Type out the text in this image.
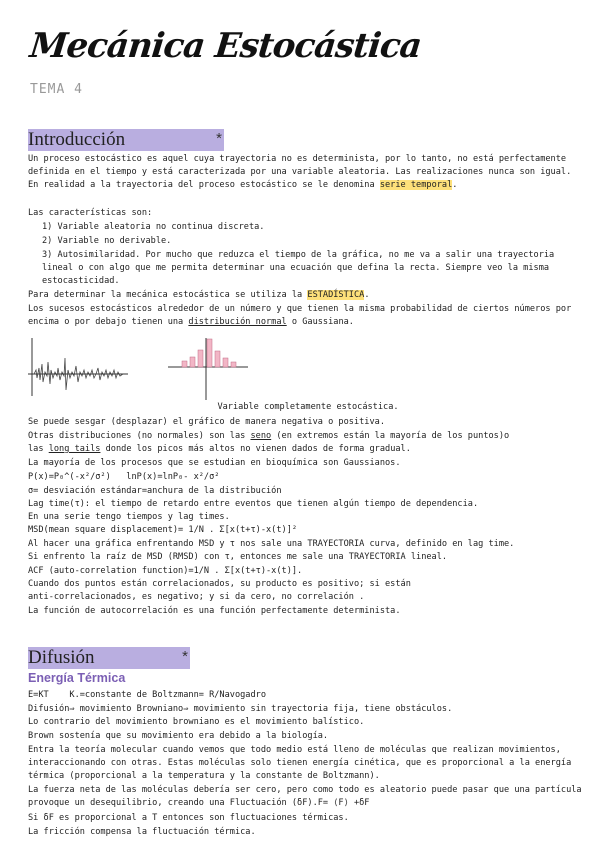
Mecánica Estocástica
TEMA 4
Introducción	*
Un proceso estocástico es aquel cuya trayectoria no es determinista, por lo tanto, no está perfectamente definida en el tiempo y está caracterizada por una variable aleatoria. Las realizaciones nunca son igual. En realidad a la trayectoria del proceso estocástico se le denomina serie temporal.
Las características son:
1) Variable aleatoria no continua discreta.
2) Variable no derivable.
3) Autosimilaridad. Por mucho que reduzca el tiempo de la gráfica, no me va a salir una trayectoria lineal o con algo que me permita determinar una ecuación que defina la recta. Siempre veo la misma estocasticidad.
Para determinar la mecánica estocástica se utiliza la ESTADÍSTICA.
Los sucesos estocásticos alrededor de un número y que tienen la misma probabilidad de ciertos números por encima o por debajo tienen una distribución normal o Gaussiana.
Variable completamente estocástica.
Se puede sesgar (desplazar) el gráfico de manera negativa o positiva.
Otras distribuciones (no normales) son las seno (en extremos están la mayoría de los puntos)o
las long tails donde los picos más altos no vienen dados de forma gradual.
La mayoría de los procesos que se estudian en bioquímica son Gaussianos.
P(x)=P₀^(-x²/σ²)   lnP(x)=lnP₀- x²/σ²
σ= desviación estándar=anchura de la distribución
Lag time(τ): el tiempo de retardo entre eventos que tienen algún tiempo de dependencia.
En una serie tengo tiempos y lag times.
MSD(mean square displacement)= 1/N . Σ[x(t+τ)-x(t)]²
Al hacer una gráfica enfrentando MSD y τ nos sale una TRAYECTORIA curva, definido en lag time.
Si enfrento la raíz de MSD (RMSD) con τ, entonces me sale una TRAYECTORIA lineal.
ACF (auto-correlation function)=1/N . Σ[x(t+τ)-x(t)].
Cuando dos puntos están correlacionados, su producto es positivo; si están
anti-correlacionados, es negativo; y si da cero, no correlación .
La función de autocorrelación es una función perfectamente determinista.
Difusión	*
Energía Térmica
E=KT    K.=constante de Boltzmann= R/Navogadro
Difusión⇒ movimiento Browniano⇒ movimiento sin trayectoria fija, tiene obstáculos.
Lo contrario del movimiento browniano es el movimiento balístico.
Brown sostenía que su movimiento era debido a la biología.
Entra la teoría molecular cuando vemos que todo medio está lleno de moléculas que realizan movimientos, interaccionando con otras. Estas moléculas solo tienen energía cinética, que es proporcional a la energía térmica (proporcional a la temperatura y la constante de Boltzmann).
La fuerza neta de las moléculas debería ser cero, pero como todo es aleatorio puede pasar que una partícula provoque un desequilibrio, creando una Fluctuación (δF).F= ⟨F⟩ +δF
Si δF es proporcional a T entonces son fluctuaciones térmicas.
La fricción compensa la fluctuación térmica.
